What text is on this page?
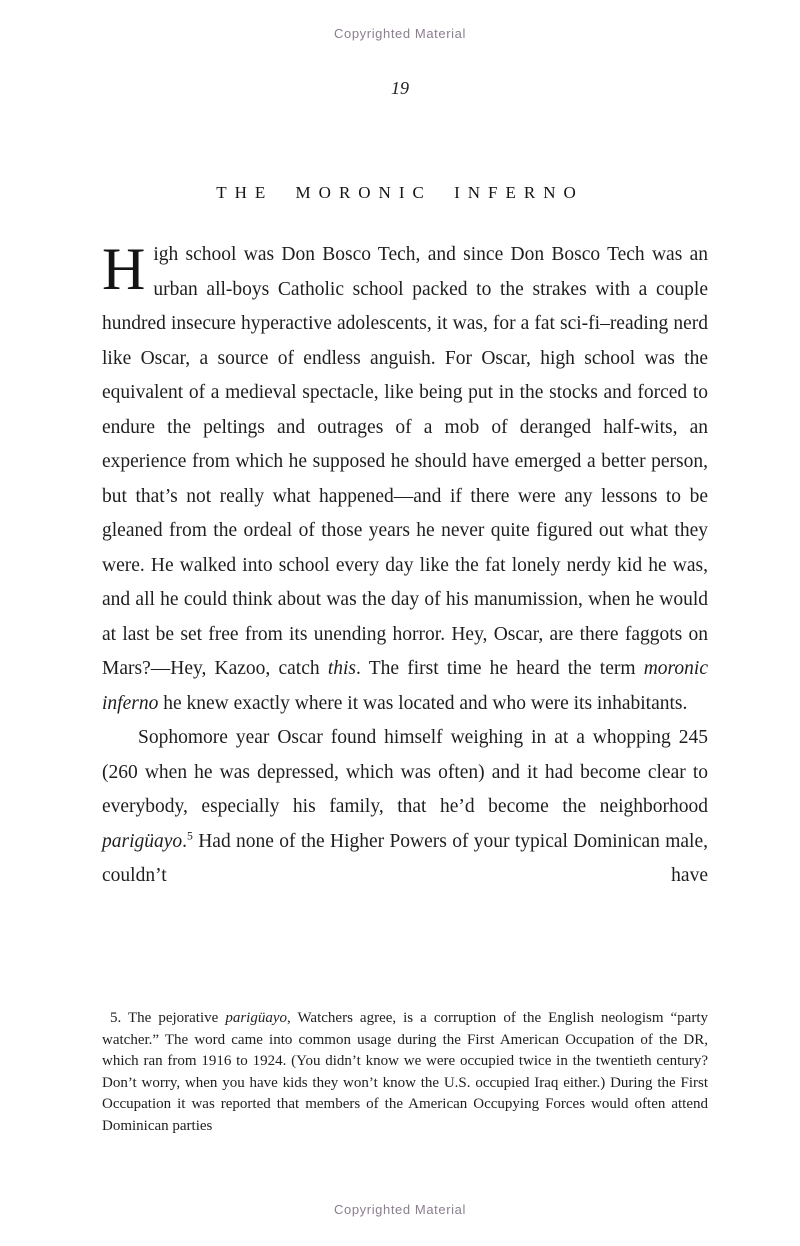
Copyrighted Material
19
THE MORONIC INFERNO

High school was Don Bosco Tech, and since Don Bosco Tech was an urban all-boys Catholic school packed to the strakes with a couple hundred insecure hyperactive adolescents, it was, for a fat sci-fi–reading nerd like Oscar, a source of endless anguish. For Oscar, high school was the equivalent of a medieval spectacle, like being put in the stocks and forced to endure the peltings and outrages of a mob of deranged half-wits, an experience from which he supposed he should have emerged a better person, but that’s not really what happened—and if there were any lessons to be gleaned from the ordeal of those years he never quite figured out what they were. He walked into school every day like the fat lonely nerdy kid he was, and all he could think about was the day of his manumission, when he would at last be set free from its unending horror. Hey, Oscar, are there faggots on Mars?—Hey, Kazoo, catch this. The first time he heard the term moronic inferno he knew exactly where it was located and who were its inhabitants.

Sophomore year Oscar found himself weighing in at a whopping 245 (260 when he was depressed, which was often) and it had become clear to everybody, especially his family, that he’d become the neighborhood parigüayo.$^5$ Had none of the Higher Powers of your typical Dominican male, couldn’t have

5. The pejorative parigüayo, Watchers agree, is a corruption of the English neologism “party watcher.” The word came into common usage during the First American Occupation of the DR, which ran from 1916 to 1924. (You didn’t know we were occupied twice in the twentieth century? Don’t worry, when you have kids they won’t know the U.S. occupied Iraq either.) During the First Occupation it was reported that members of the American Occupying Forces would often attend Dominican parties
Copyrighted Material
